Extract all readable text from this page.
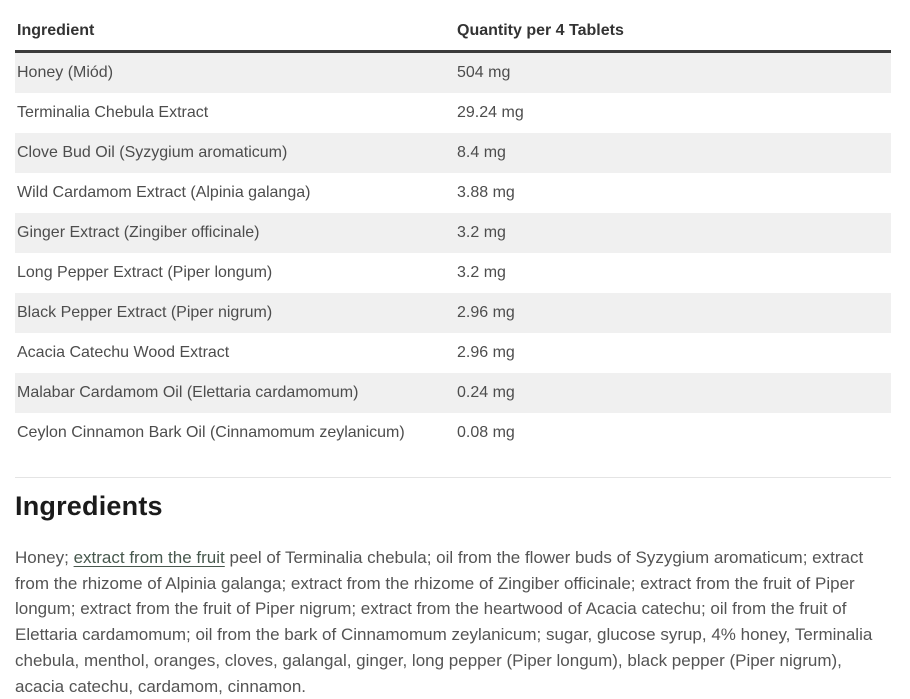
Ingredient	Quantity per 4 Tablets
Honey (Miód)	504 mg
Terminalia Chebula Extract	29.24 mg
Clove Bud Oil (Syzygium aromaticum)	8.4 mg
Wild Cardamom Extract (Alpinia galanga)	3.88 mg
Ginger Extract (Zingiber officinale)	3.2 mg
Long Pepper Extract (Piper longum)	3.2 mg
Black Pepper Extract (Piper nigrum)	2.96 mg
Acacia Catechu Wood Extract	2.96 mg
Malabar Cardamom Oil (Elettaria cardamomum)	0.24 mg
Ceylon Cinnamon Bark Oil (Cinnamomum zeylanicum)	0.08 mg
Ingredients

Honey; extract from the fruit peel of Terminalia chebula; oil from the flower buds of Syzygium aromaticum; extract from the rhizome of Alpinia galanga; extract from the rhizome of Zingiber officinale; extract from the fruit of Piper longum; extract from the fruit of Piper nigrum; extract from the heartwood of Acacia catechu; oil from the fruit of Elettaria cardamomum; oil from the bark of Cinnamomum zeylanicum; sugar, glucose syrup, 4% honey, Terminalia chebula, menthol, oranges, cloves, galangal, ginger, long pepper (Piper longum), black pepper (Piper nigrum), acacia catechu, cardamom, cinnamon.
